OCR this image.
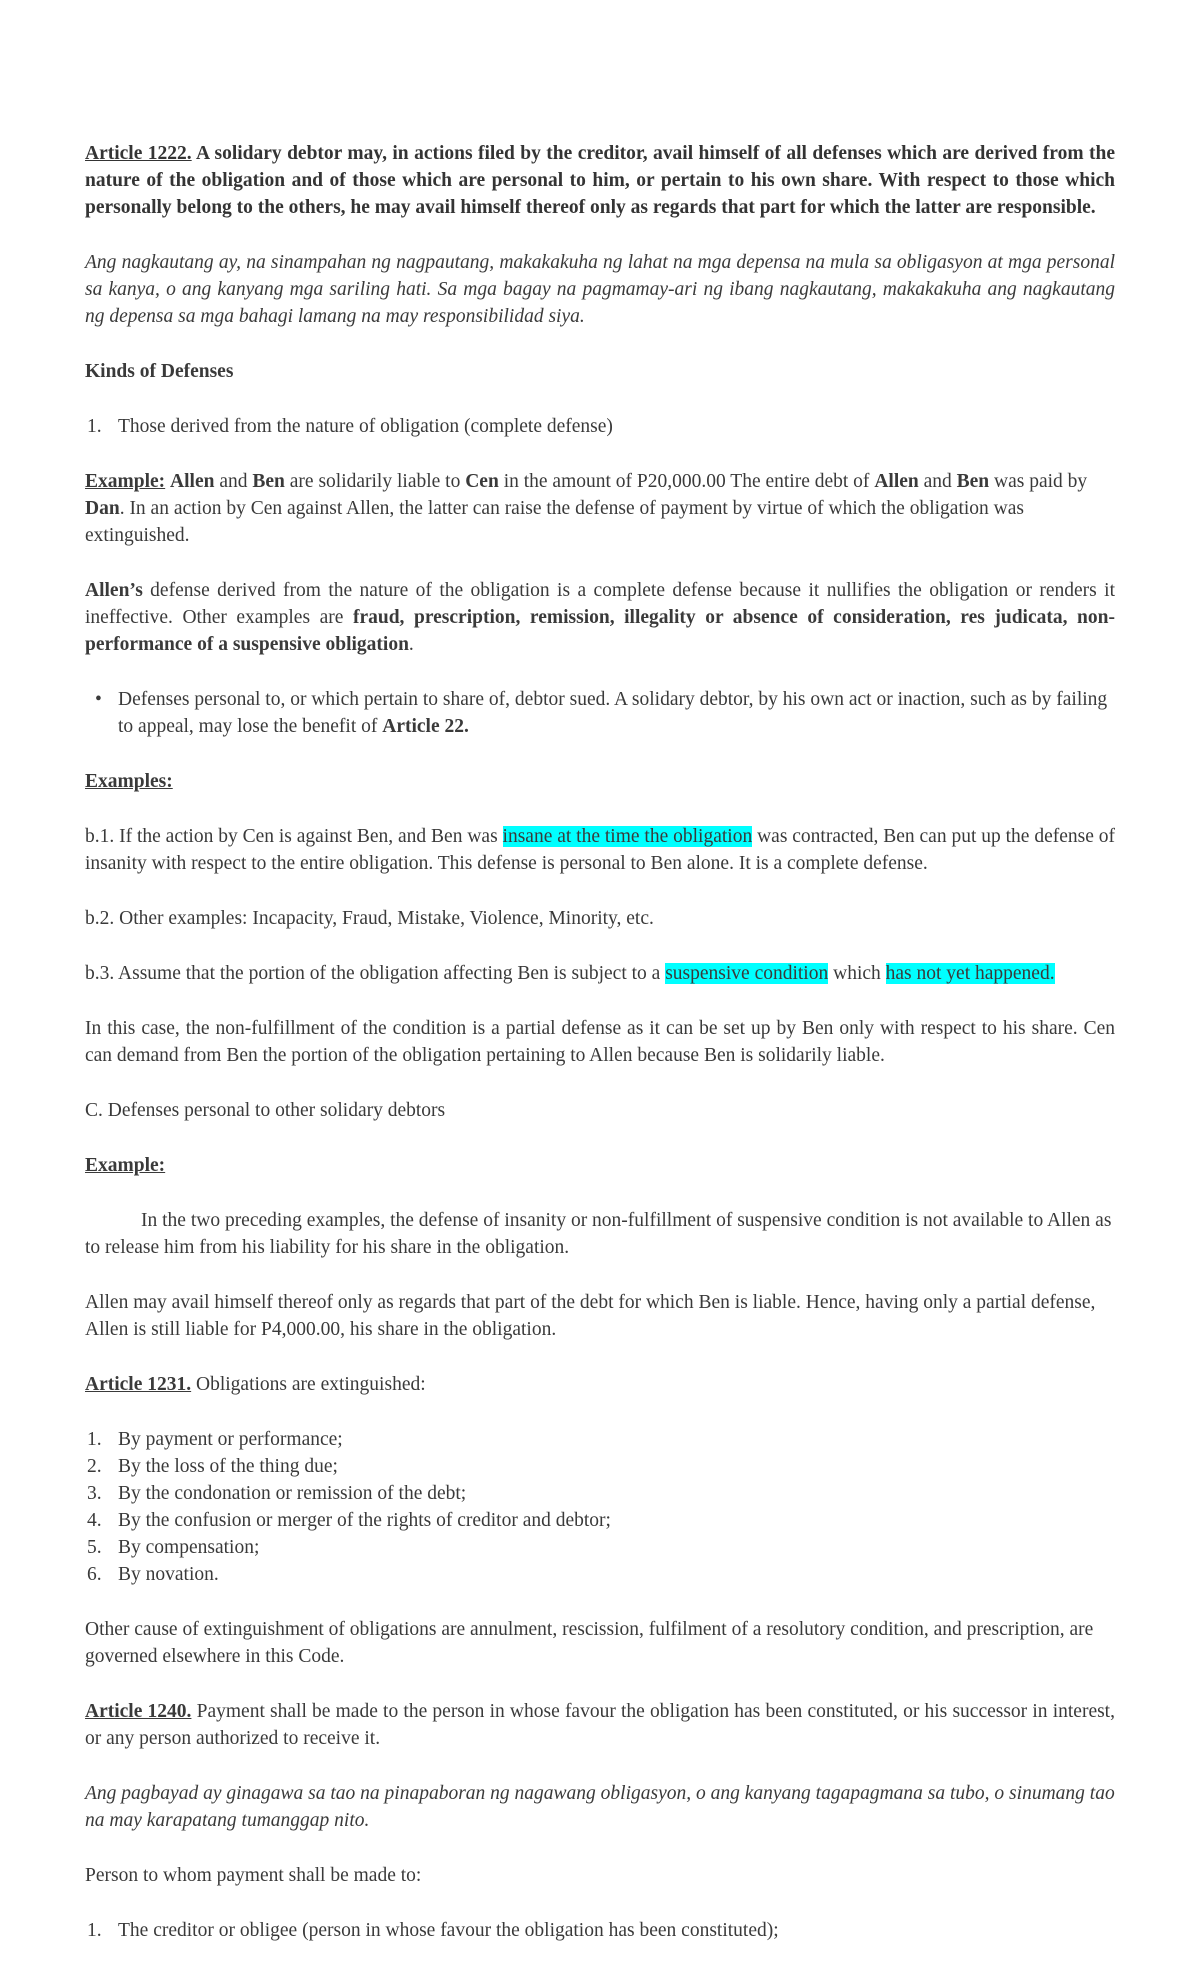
Article 1222. A solidary debtor may, in actions filed by the creditor, avail himself of all defenses which are derived from the nature of the obligation and of those which are personal to him, or pertain to his own share. With respect to those which personally belong to the others, he may avail himself thereof only as regards that part for which the latter are responsible.

Ang nagkautang ay, na sinampahan ng nagpautang, makakakuha ng lahat na mga depensa na mula sa obligasyon at mga personal sa kanya, o ang kanyang mga sariling hati. Sa mga bagay na pagmamay-ari ng ibang nagkautang, makakakuha ang nagkautang ng depensa sa mga bahagi lamang na may responsibilidad siya.

Kinds of Defenses

Those derived from the nature of obligation (complete defense)

Example: Allen and Ben are solidarily liable to Cen in the amount of P20,000.00 The entire debt of Allen and Ben was paid by Dan. In an action by Cen against Allen, the latter can raise the defense of payment by virtue of which the obligation was extinguished.

Allen’s defense derived from the nature of the obligation is a complete defense because it nullifies the obligation or renders it ineffective. Other examples are fraud, prescription, remission, illegality or absence of consideration, res judicata, non-performance of a suspensive obligation.

• Defenses personal to, or which pertain to share of, debtor sued. A solidary debtor, by his own act or inaction, such as by failing to appeal, may lose the benefit of Article 22.

Examples:

b.1. If the action by Cen is against Ben, and Ben was insane at the time the obligation was contracted, Ben can put up the defense of insanity with respect to the entire obligation. This defense is personal to Ben alone. It is a complete defense.

b.2. Other examples: Incapacity, Fraud, Mistake, Violence, Minority, etc.

b.3. Assume that the portion of the obligation affecting Ben is subject to a suspensive condition which has not yet happened.

In this case, the non-fulfillment of the condition is a partial defense as it can be set up by Ben only with respect to his share. Cen can demand from Ben the portion of the obligation pertaining to Allen because Ben is solidarily liable.

C. Defenses personal to other solidary debtors

Example:

In the two preceding examples, the defense of insanity or non-fulfillment of suspensive condition is not available to Allen as to release him from his liability for his share in the obligation.

Allen may avail himself thereof only as regards that part of the debt for which Ben is liable. Hence, having only a partial defense, Allen is still liable for P4,000.00, his share in the obligation.

Article 1231. Obligations are extinguished:

By payment or performance;
By the loss of the thing due;
By the condonation or remission of the debt;
By the confusion or merger of the rights of creditor and debtor;
By compensation;
By novation.

Other cause of extinguishment of obligations are annulment, rescission, fulfilment of a resolutory condition, and prescription, are governed elsewhere in this Code.

Article 1240. Payment shall be made to the person in whose favour the obligation has been constituted, or his successor in interest, or any person authorized to receive it.

Ang pagbayad ay ginagawa sa tao na pinapaboran ng nagawang obligasyon, o ang kanyang tagapagmana sa tubo, o sinumang tao na may karapatang tumanggap nito.

Person to whom payment shall be made to:

The creditor or obligee (person in whose favour the obligation has been constituted);
